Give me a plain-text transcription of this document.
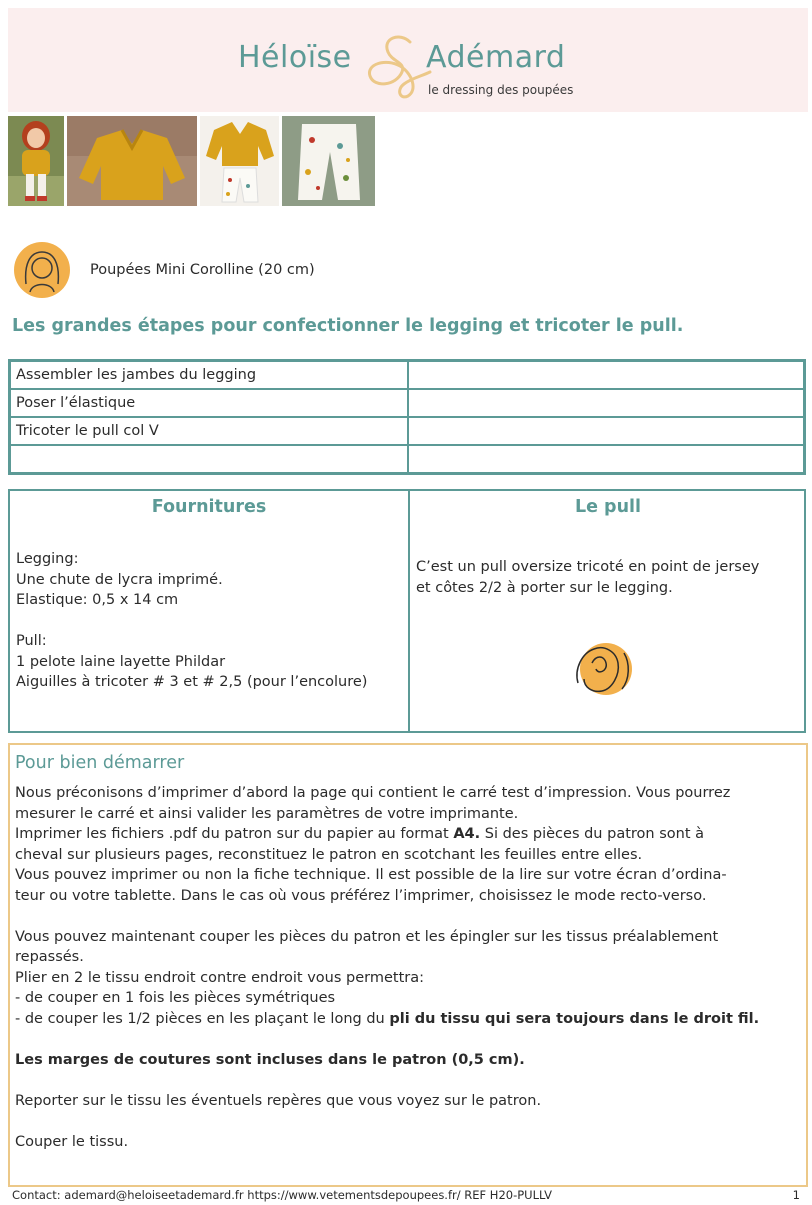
Héloïse Adémard
le dressing des poupées
Poupées Mini Corolline (20 cm)
Les grandes étapes pour confectionner le legging et tricoter le pull.
Assembler les jambes du legging	
Poser l’élastique	
Tricoter le pull col V	

Fournitures
Legging:
Une chute de lycra imprimé.
Elastique: 0,5 x 14 cm
Pull:
1 pelote laine layette Phildar
Aiguilles à tricoter # 3 et # 2,5 (pour l’encolure)
Le pull
C’est un pull oversize tricoté en point de jersey
et côtes 2/2 à porter sur le legging.
Pour bien démarrer

Nous préconisons d’imprimer d’abord la page qui contient le carré test d’impression. Vous pourrez

mesurer le carré et ainsi valider les paramètres de votre imprimante.

Imprimer les fichiers .pdf du patron sur du papier au format A4. Si des pièces du patron sont à

cheval sur plusieurs pages, reconstituez le patron en scotchant les feuilles entre elles.

Vous pouvez imprimer ou non la fiche technique. Il est possible de la lire sur votre écran d’ordina-

teur ou votre tablette. Dans le cas où vous préférez l’imprimer, choisissez le mode recto-verso.

Vous pouvez maintenant couper les pièces du patron et les épingler sur les tissus préalablement

repassés.

Plier en 2 le tissu endroit contre endroit vous permettra:

- de couper en 1 fois les pièces symétriques

- de couper les 1/2 pièces en les plaçant le long du pli du tissu qui sera toujours dans le droit fil.

Les marges de coutures sont incluses dans le patron (0,5 cm).

Reporter sur le tissu les éventuels repères que vous voyez sur le patron.

Couper le tissu.

Contact: ademard@heloiseetademard.fr https://www.vetementsdepoupees.fr/ REF H20-PULLV	1
